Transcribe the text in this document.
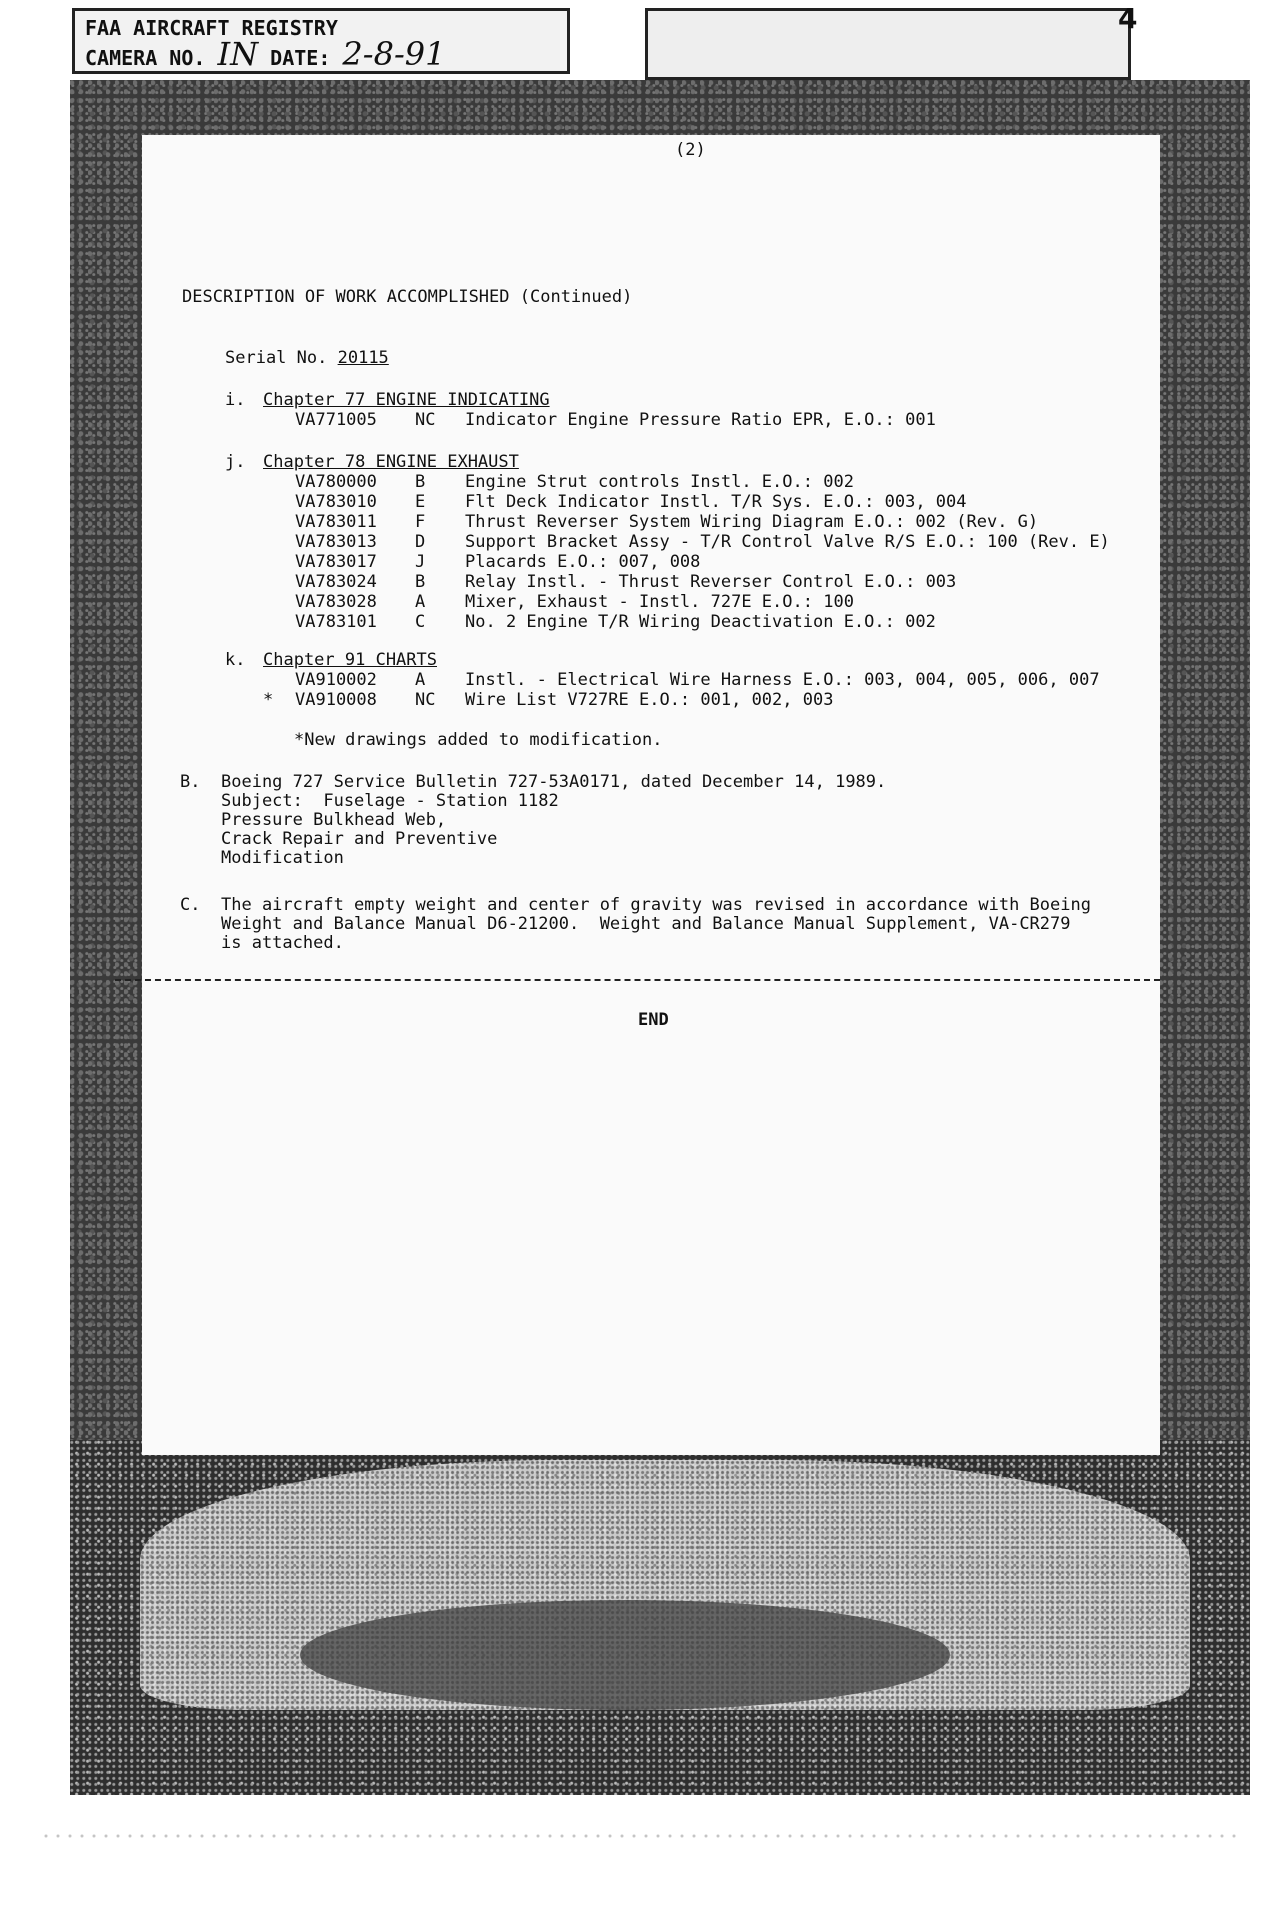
FAA AIRCRAFT REGISTRY
CAMERA NO. IN DATE: 2-8-91
4
(2)
DESCRIPTION OF WORK ACCOMPLISHED (Continued)
Serial No. 20115
i. Chapter 77 ENGINE INDICATING
VA771005 NC Indicator Engine Pressure Ratio EPR, E.O.: 001
j. Chapter 78 ENGINE EXHAUST
VA780000 B Engine Strut controls Instl. E.O.: 002
VA783010 E Flt Deck Indicator Instl. T/R Sys. E.O.: 003, 004
VA783011 F Thrust Reverser System Wiring Diagram E.O.: 002 (Rev. G)
VA783013 D Support Bracket Assy - T/R Control Valve R/S E.O.: 100 (Rev. E)
VA783017 J Placards E.O.: 007, 008
VA783024 B Relay Instl. - Thrust Reverser Control E.O.: 003
VA783028 A Mixer, Exhaust - Instl. 727E E.O.: 100
VA783101 C No. 2 Engine T/R Wiring Deactivation E.O.: 002
k. Chapter 91 CHARTS
VA910002 A Instl. - Electrical Wire Harness E.O.: 003, 004, 005, 006, 007
* VA910008 NC Wire List V727RE E.O.: 001, 002, 003
*New drawings added to modification.
B. Boeing 727 Service Bulletin 727-53A0171, dated December 14, 1989.
Subject:  Fuselage - Station 1182
Pressure Bulkhead Web,
Crack Repair and Preventive
Modification
C. The aircraft empty weight and center of gravity was revised in accordance with Boeing
Weight and Balance Manual D6-21200.  Weight and Balance Manual Supplement, VA-CR279
is attached.
END
